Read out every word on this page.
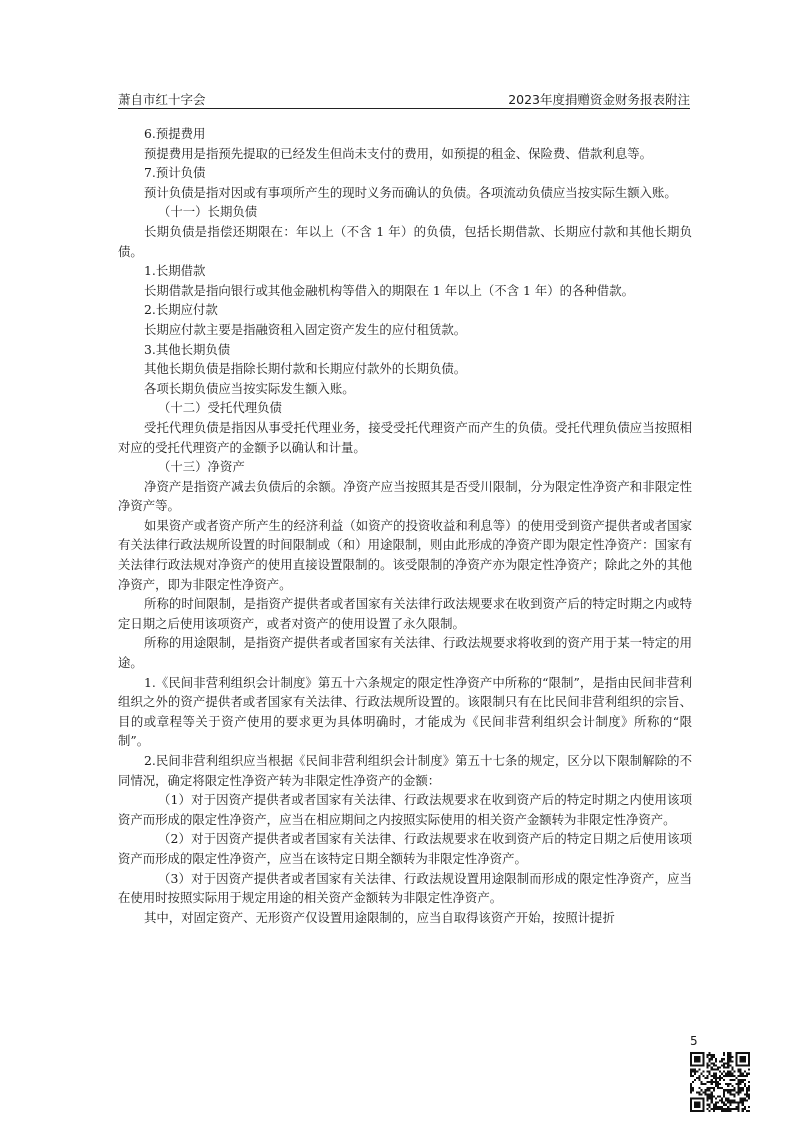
萧自市红十字会	2023年度捐赠资金财务报表附注

6.预提费用

预提费用是指预先提取的已经发生但尚未支付的费用，如预提的租金、保险费、借款利息等。

7.预计负债

预计负债是指对因或有事项所产生的现时义务而确认的负债。各项流动负债应当按实际生额入账。

（十一）长期负债

长期负债是指偿还期限在：年以上（不含 1 年）的负债，包括长期借款、长期应付款和其他长期负债。

1.长期借款

长期借款是指向银行或其他金融机构等借入的期限在 1 年以上（不含 1 年）的各种借款。

2.长期应付款

长期应付款主要是指融资租入固定资产发生的应付租赁款。

3.其他长期负债

其他长期负债是指除长期付款和长期应付款外的长期负债。

各项长期负债应当按实际发生额入账。

（十二）受托代理负债

受托代理负债是指因从事受托代理业务，接受受托代理资产而产生的负债。受托代理负债应当按照相对应的受托代理资产的金额予以确认和计量。

（十三）净资产

净资产是指资产减去负债后的余额。净资产应当按照其是否受川限制，分为限定性净资产和非限定性净资产等。

如果资产或者资产所产生的经济利益（如资产的投资收益和利息等）的使用受到资产提供者或者国家有关法律行政法规所设置的时间限制或（和）用途限制，则由此形成的净资产即为限定性净资产：国家有关法律行政法规对净资产的使用直接设置限制的。该受限制的净资产亦为限定性净资产；除此之外的其他净资产，即为非限定性净资产。

所称的时间限制，是指资产提供者或者国家有关法律行政法规要求在收到资产后的特定时期之内或特定日期之后使用该项资产，或者对资产的使用设置了永久限制。

所称的用途限制，是指资产提供者或者国家有关法律、行政法规要求将收到的资产用于某一特定的用途。

1.《民间非营利组织会计制度》第五十六条规定的限定性净资产中所称的“限制”，是指由民间非营利组织之外的资产提供者或者国家有关法律、行政法规所设置的。该限制只有在比民间非营利组织的宗旨、目的或章程等关于资产使用的要求更为具体明确时，才能成为《民间非营利组织会计制度》所称的“限制”。

2.民间非营利组织应当根据《民间非营利组织会计制度》第五十七条的规定，区分以下限制解除的不同情况，确定将限定性净资产转为非限定性净资产的金额：

（1）对于因资产提供者或者国家有关法律、行政法规要求在收到资产后的特定时期之内使用该项资产而形成的限定性净资产，应当在相应期间之内按照实际使用的相关资产金额转为非限定性净资产。

（2）对于因资产提供者或者国家有关法律、行政法规要求在收到资产后的特定日期之后使用该项资产而形成的限定性净资产，应当在该特定日期全额转为非限定性净资产。

（3）对于因资产提供者或者国家有关法律、行政法规设置用途限制而形成的限定性净资产，应当在使用时按照实际用于规定用途的相关资产金额转为非限定性净资产。

其中，对固定资产、无形资产仅设置用途限制的，应当自取得该资产开始，按照计提折

5
